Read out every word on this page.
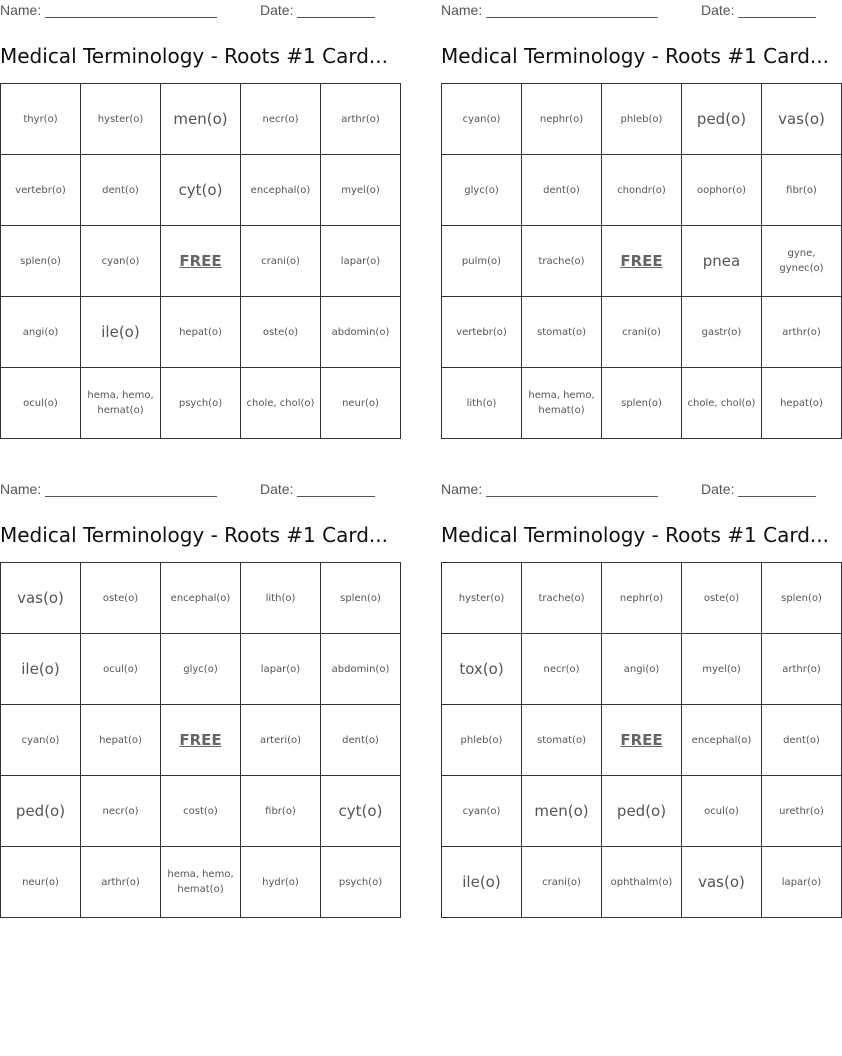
Name:	Date:
Medical Terminology - Roots #1 Card...
thyr(o)	hyster(o)	men(o)	necr(o)	arthr(o)
vertebr(o)	dent(o)	cyt(o)	encephal(o)	myel(o)
splen(o)	cyan(o)	FREE	crani(o)	lapar(o)
angi(o)	ile(o)	hepat(o)	oste(o)	abdomin(o)
ocul(o)	hema, hemo, hemat(o)	psych(o)	chole, chol(o)	neur(o)
Name:	Date:
Medical Terminology - Roots #1 Card...
cyan(o)	nephr(o)	phleb(o)	ped(o)	vas(o)
glyc(o)	dent(o)	chondr(o)	oophor(o)	fibr(o)
pulm(o)	trache(o)	FREE	pnea	gyne, gynec(o)
vertebr(o)	stomat(o)	crani(o)	gastr(o)	arthr(o)
lith(o)	hema, hemo, hemat(o)	splen(o)	chole, chol(o)	hepat(o)
Name:	Date:
Medical Terminology - Roots #1 Card...
vas(o)	oste(o)	encephal(o)	lith(o)	splen(o)
ile(o)	ocul(o)	glyc(o)	lapar(o)	abdomin(o)
cyan(o)	hepat(o)	FREE	arteri(o)	dent(o)
ped(o)	necr(o)	cost(o)	fibr(o)	cyt(o)
neur(o)	arthr(o)	hema, hemo, hemat(o)	hydr(o)	psych(o)
Name:	Date:
Medical Terminology - Roots #1 Card...
hyster(o)	trache(o)	nephr(o)	oste(o)	splen(o)
tox(o)	necr(o)	angi(o)	myel(o)	arthr(o)
phleb(o)	stomat(o)	FREE	encephal(o)	dent(o)
cyan(o)	men(o)	ped(o)	ocul(o)	urethr(o)
ile(o)	crani(o)	ophthalm(o)	vas(o)	lapar(o)
